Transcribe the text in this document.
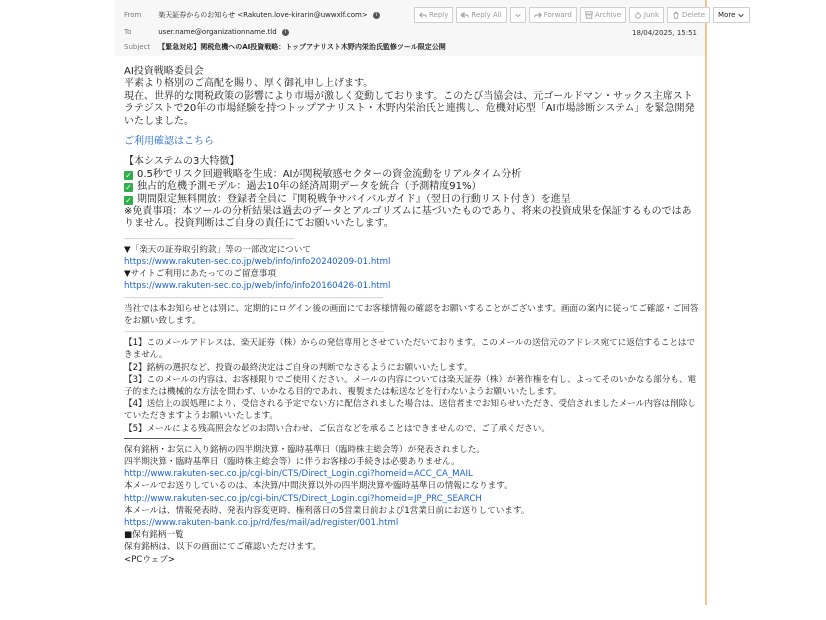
From 楽天証券からのお知らせ <Rakuten.love-kirarin@uwwxlf.com> i
To	user.name@organizationname.tld i
Subject 【緊急対応】関税危機へのAI投資戦略：トップアナリスト木野内栄治氏監修ツール限定公開
Reply	Reply All	Forward	Archive	Junk	Delete More
18/04/2025, 15:51

AI投資戦略委員会

平素より格別のご高配を賜り、厚く御礼申し上げます。

現在、世界的な関税政策の影響により市場が激しく変動しております。このたび当協会は、元ゴールドマン・サックス主席ストラテジストで20年の市場経験を持つトップアナリスト・木野内栄治氏と連携し、危機対応型「AI市場診断システム」を緊急開発いたしました。

ご利用確認はこちら

【本システムの3大特徴】

✓ 0.5秒でリスク回避戦略を生成：AIが関税敏感セクターの資金流動をリアルタイム分析

✓ 独占的危機予測モデル：過去10年の経済周期データを統合（予測精度91%）

✓ 期間限定無料開放：登録者全員に『関税戦争サバイバルガイド』（翌日の行動リスト付き）を進呈

※免責事項：本ツールの分析結果は過去のデータとアルゴリズムに基づいたものであり、将来の投資成果を保証するものではありません。投資判断はご自身の責任にてお願いいたします。

------------------------------------------------------------------------------------

▼「楽天の証券取引約款」等の一部改定について

https://www.rakuten-sec.co.jp/web/info/info20240209-01.html

▼サイトご利用にあたってのご留意事項

https://www.rakuten-sec.co.jp/web/info/info20160426-01.html

--------------------------------------------------------------------------------------------------------------------------------

当社では本お知らせとは別に、定期的にログイン後の画面にてお客様情報の確認をお願いすることがございます。画面の案内に従ってご確認・ご回答をお願い致します。

--------------------------------------------------------------------------------------------------------------------------------

【1】このメールアドレスは、楽天証券（株）からの発信専用とさせていただいております。このメールの送信元のアドレス宛てに返信することはできません。

【2】銘柄の選択など、投資の最終決定はご自身の判断でなさるようにお願いいたします。

【3】このメールの内容は、お客様限りでご使用ください。メールの内容については楽天証券（株）が著作権を有し、よってそのいかなる部分も、電子的または機械的な方法を問わず、いかなる目的であれ、複製または転送などを行わないようお願いいたします。

【4】送信上の誤処理により、受信される予定でない方に配信されました場合は、送信者までお知らせいただき、受信されましたメール内容は削除していただきますようお願いいたします。

【5】メールによる残高照会などのお問い合わせ、ご伝言などを承ることはできませんので、ご了承ください。

保有銘柄・お気に入り銘柄の四半期決算・臨時基準日（臨時株主総会等）が発表されました。

四半期決算・臨時基準日（臨時株主総会等）に伴うお客様の手続きは必要ありません。

http://www.rakuten-sec.co.jp/cgi-bin/CTS/Direct_Login.cgi?homeid=ACC_CA_MAIL

本メールでお送りしているのは、本決算/中間決算以外の四半期決算や臨時基準日の情報になります。

http://www.rakuten-sec.co.jp/cgi-bin/CTS/Direct_Login.cgi?homeid=JP_PRC_SEARCH

本メールは、情報発表時、発表内容変更時、権利落日の5営業日前および1営業日前にお送りしています。

https://www.rakuten-bank.co.jp/rd/fes/mail/ad/register/001.html

■保有銘柄一覧

保有銘柄は、以下の画面にてご確認いただけます。

<PCウェブ>
